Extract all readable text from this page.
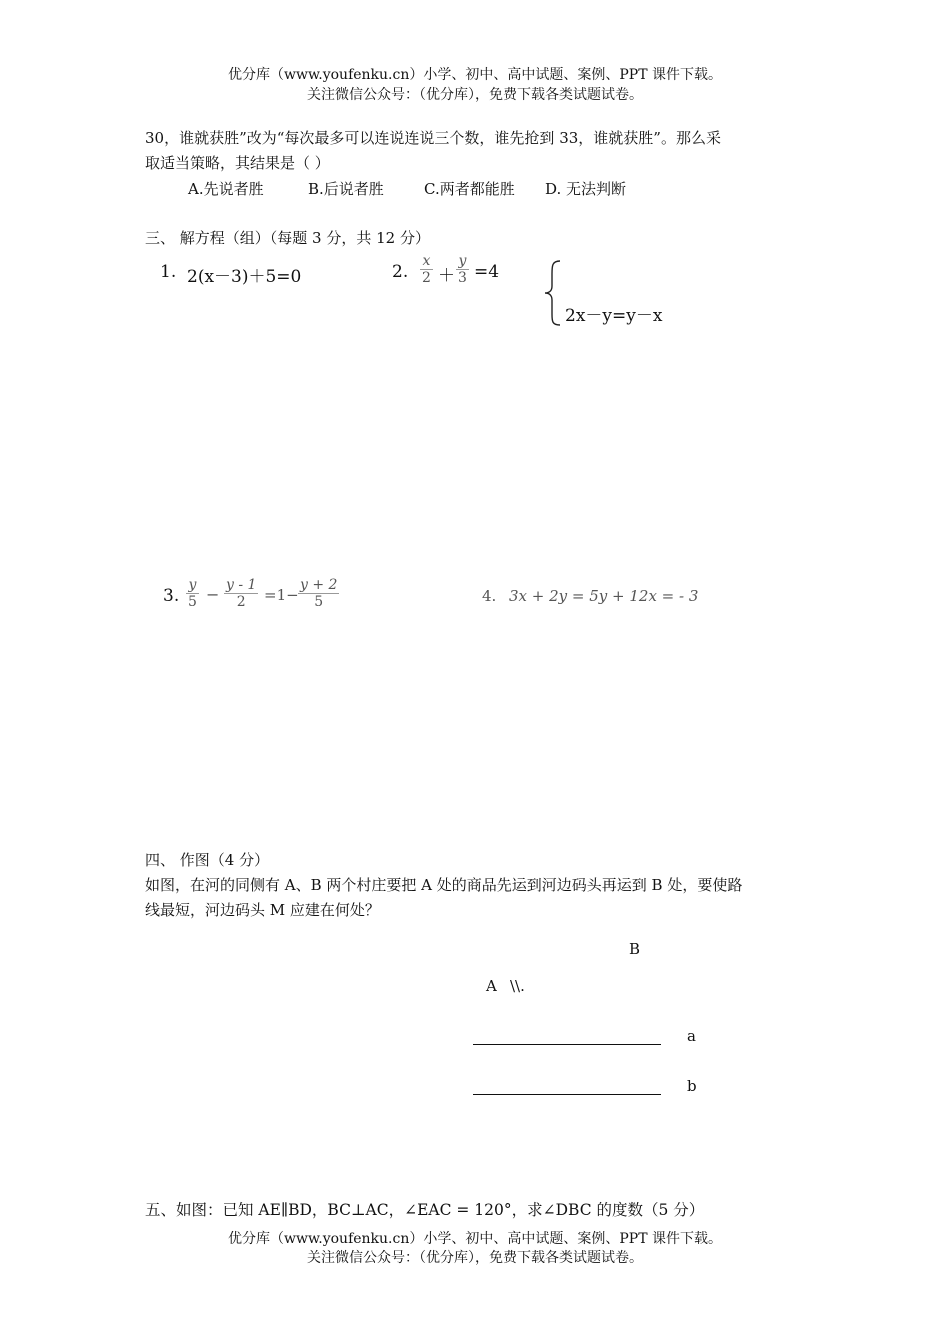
优分库（www.youfenku.cn）小学、初中、高中试题、案例、PPT 课件下载。
关注微信公众号：（优分库），免费下载各类试题试卷。
30，谁就获胜”改为“每次最多可以连说连说三个数，谁先抢到 33，谁就获胜”。那么采
取适当策略，其结果是（ ）
A.先说者胜	B.后说者胜	C.两者都能胜 D. 无法判断
三、 解方程（组）（每题 3 分，共 12 分）
1. 2(x－3)＋5=0	2. $\frac{x}{2} + \frac{y}{3} =4$
2x－y=y－x
3. $\frac{y}{5} - \frac{y - 1}{2} =1- \frac{y + 2}{5}$	4. 3x + 2y = 5y + 12x = - 3
四、 作图（4 分）
如图，在河的同侧有 A、B 两个村庄要把 A 处的商品先运到河边码头再运到 B 处，要使路
线最短，河边码头 M 应建在何处？
B
A \\.
a
b
五、如图：已知 AE∥BD，BC⊥AC，∠EAC = 120°，求∠DBC 的度数（5 分）
优分库（www.youfenku.cn）小学、初中、高中试题、案例、PPT 课件下载。
关注微信公众号：（优分库），免费下载各类试题试卷。
